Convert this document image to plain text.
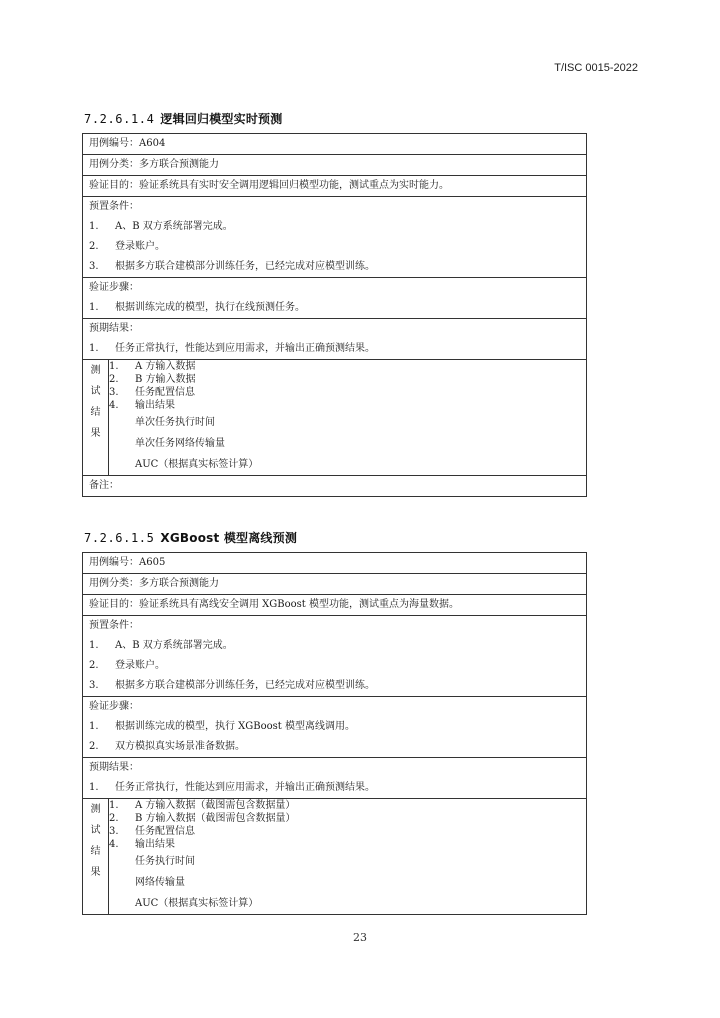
T/ISC 0015-2022
7.2.6.1.4 逻辑回归模型实时预测
用例编号：A604

用例分类：多方联合预测能力

验证目的：验证系统具有实时安全调用逻辑回归模型功能，测试重点为实时能力。

预置条件：
1.	A、B 双方系统部署完成。
2.	登录账户。
3.	根据多方联合建模部分训练任务，已经完成对应模型训练。

验证步骤：
1.	根据训练完成的模型，执行在线预测任务。

预期结果：
1.	任务正常执行，性能达到应用需求，并输出正确预测结果。

测
试
结
果

1.	A 方输入数据
2.	B 方输入数据
3.	任务配置信息
4.	输出结果
单次任务执行时间
单次任务网络传输量
AUC（根据真实标签计算）

备注：
7.2.6.1.5 XGBoost 模型离线预测
用例编号：A605

用例分类：多方联合预测能力

验证目的：验证系统具有离线安全调用 XGBoost 模型功能，测试重点为海量数据。

预置条件：
1.	A、B 双方系统部署完成。
2.	登录账户。
3.	根据多方联合建模部分训练任务，已经完成对应模型训练。

验证步骤：
1.	根据训练完成的模型，执行 XGBoost 模型离线调用。
2.	双方模拟真实场景准备数据。

预期结果：
1.	任务正常执行，性能达到应用需求，并输出正确预测结果。

测
试
结
果

1.	A 方输入数据（截图需包含数据量）
2.	B 方输入数据（截图需包含数据量）
3.	任务配置信息
4.	输出结果
任务执行时间
网络传输量
AUC（根据真实标签计算）
23
